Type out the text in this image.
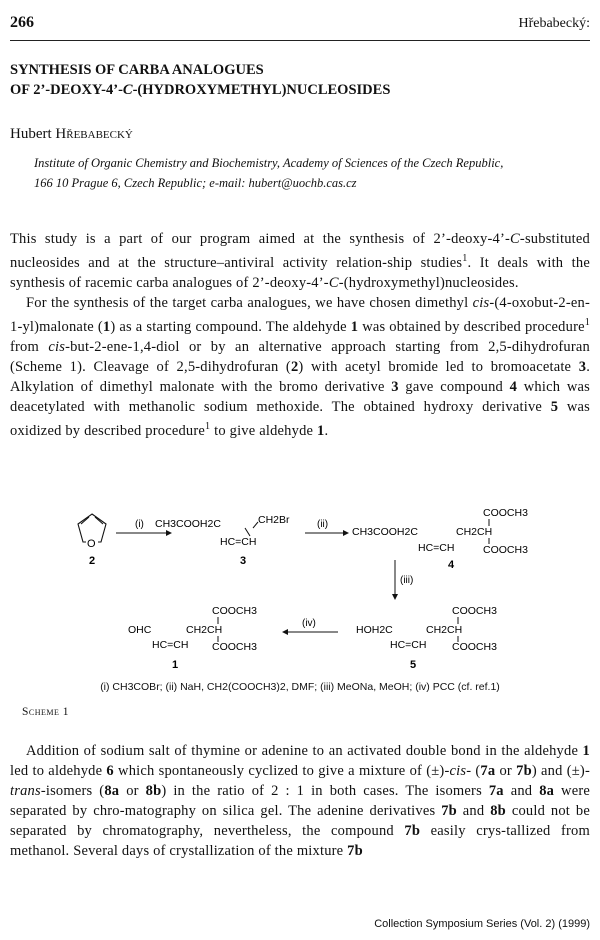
266	Hřebabecký:
SYNTHESIS OF CARBA ANALOGUES
OF 2’-DEOXY-4’-C-(HYDROXYMETHYL)NUCLEOSIDES
Hubert Hřebabecký
Institute of Organic Chemistry and Biochemistry, Academy of Sciences of the Czech Republic,
166 10 Prague 6, Czech Republic; e-mail: hubert@uochb.cas.cz

This study is a part of our program aimed at the synthesis of 2’-deoxy-4’-C-substituted nucleosides and at the structure–antiviral activity relation-ship studies$^1$. It deals with the synthesis of racemic carba analogues of 2’-deoxy-4’-C-(hydroxymethyl)nucleosides.

For the synthesis of the target carba analogues, we have chosen dimethyl cis-(4-oxobut-2-en-1-yl)malonate (1) as a starting compound. The aldehyde 1 was obtained by described procedure$^1$ from cis-but-2-ene-1,4-diol or by an alternative approach starting from 2,5-dihydrofuran (Scheme 1). Cleavage of 2,5-dihydrofuran (2) with acetyl bromide led to bromoacetate 3. Alkylation of dimethyl malonate with the bromo derivative 3 gave compound 4 which was deacetylated with methanolic sodium methoxide. The obtained hydroxy derivative 5 was oxidized by described procedure$^1$ to give aldehyde 1.

O
2
(i) CH3COOH2C	CH2Br
HC=CH
3
(ii)
CH3COOH2C
COOCH3
CH2CH
COOCH3
HC=CH
4
(iii)
COOCH3
HOH2C	CH2CH
COOCH3
HC=CH
5
(iv)
COOCH3
OHC	CH2CH
COOCH3
HC=CH
1
(i) CH3COBr; (ii) NaH, CH2(COOCH3)2, DMF; (iii) MeONa, MeOH; (iv) PCC (cf. ref.1)
Scheme 1

Addition of sodium salt of thymine or adenine to an activated double bond in the aldehyde 1 led to aldehyde 6 which spontaneously cyclized to give a mixture of (±)-cis- (7a or 7b) and (±)-trans-isomers (8a or 8b) in the ratio of 2 : 1 in both cases. The isomers 7a and 8a were separated by chro-matography on silica gel. The adenine derivatives 7b and 8b could not be separated by chromatography, nevertheless, the compound 7b easily crys-tallized from methanol. Several days of crystallization of the mixture 7b

Collection Symposium Series (Vol. 2) (1999)
